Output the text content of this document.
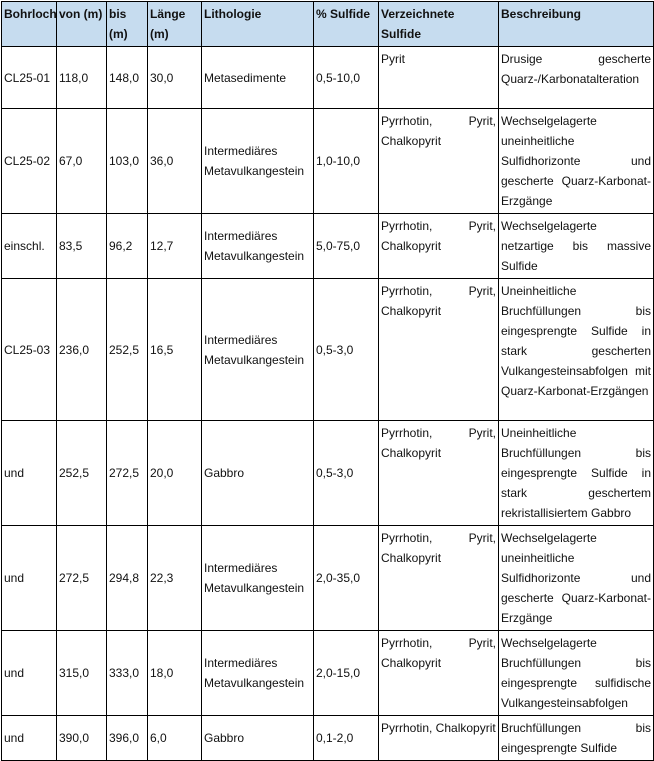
Bohrloch	von (m)	bis (m)	Länge (m)	Lithologie	% Sulfide	Verzeichnete Sulfide	Beschreibung
CL25-01	118,0	148,0	30,0	Metasedimente	0,5-10,0	Pyrit	Drusige gescherte Quarz-/Karbonatalteration
CL25-02	67,0	103,0	36,0	Intermediäres Metavulkangestein	1,0-10,0	Pyrrhotin, Pyrit, Chalkopyrit	Wechselgelagerte uneinheitliche Sulfidhorizonte und gescherte Quarz-Karbonat-Erzgänge
einschl.	83,5	96,2	12,7	Intermediäres Metavulkangestein	5,0-75,0	Pyrrhotin, Pyrit, Chalkopyrit	Wechselgelagerte netzartige bis massive Sulfide
CL25-03	236,0	252,5	16,5	Intermediäres Metavulkangestein	0,5-3,0	Pyrrhotin, Pyrit, Chalkopyrit	Uneinheitliche Bruchfüllungen bis eingesprengte Sulfide in stark gescherten Vulkangesteinsabfolgen mit Quarz-Karbonat-Erzgängen
und	252,5	272,5	20,0	Gabbro	0,5-3,0	Pyrrhotin, Pyrit, Chalkopyrit	Uneinheitliche Bruchfüllungen bis eingesprengte Sulfide in stark geschertem rekristallisiertem Gabbro
und	272,5	294,8	22,3	Intermediäres Metavulkangestein	2,0-35,0	Pyrrhotin, Pyrit, Chalkopyrit	Wechselgelagerte uneinheitliche Sulfidhorizonte und gescherte Quarz-Karbonat-Erzgänge
und	315,0	333,0	18,0	Intermediäres Metavulkangestein	2,0-15,0	Pyrrhotin, Pyrit, Chalkopyrit	Wechselgelagerte Bruchfüllungen bis eingesprengte sulfidische Vulkangesteinsabfolgen
und	390,0	396,0	6,0	Gabbro	0,1-2,0	Pyrrhotin, Chalkopyrit	Bruchfüllungen bis eingesprengte Sulfide
